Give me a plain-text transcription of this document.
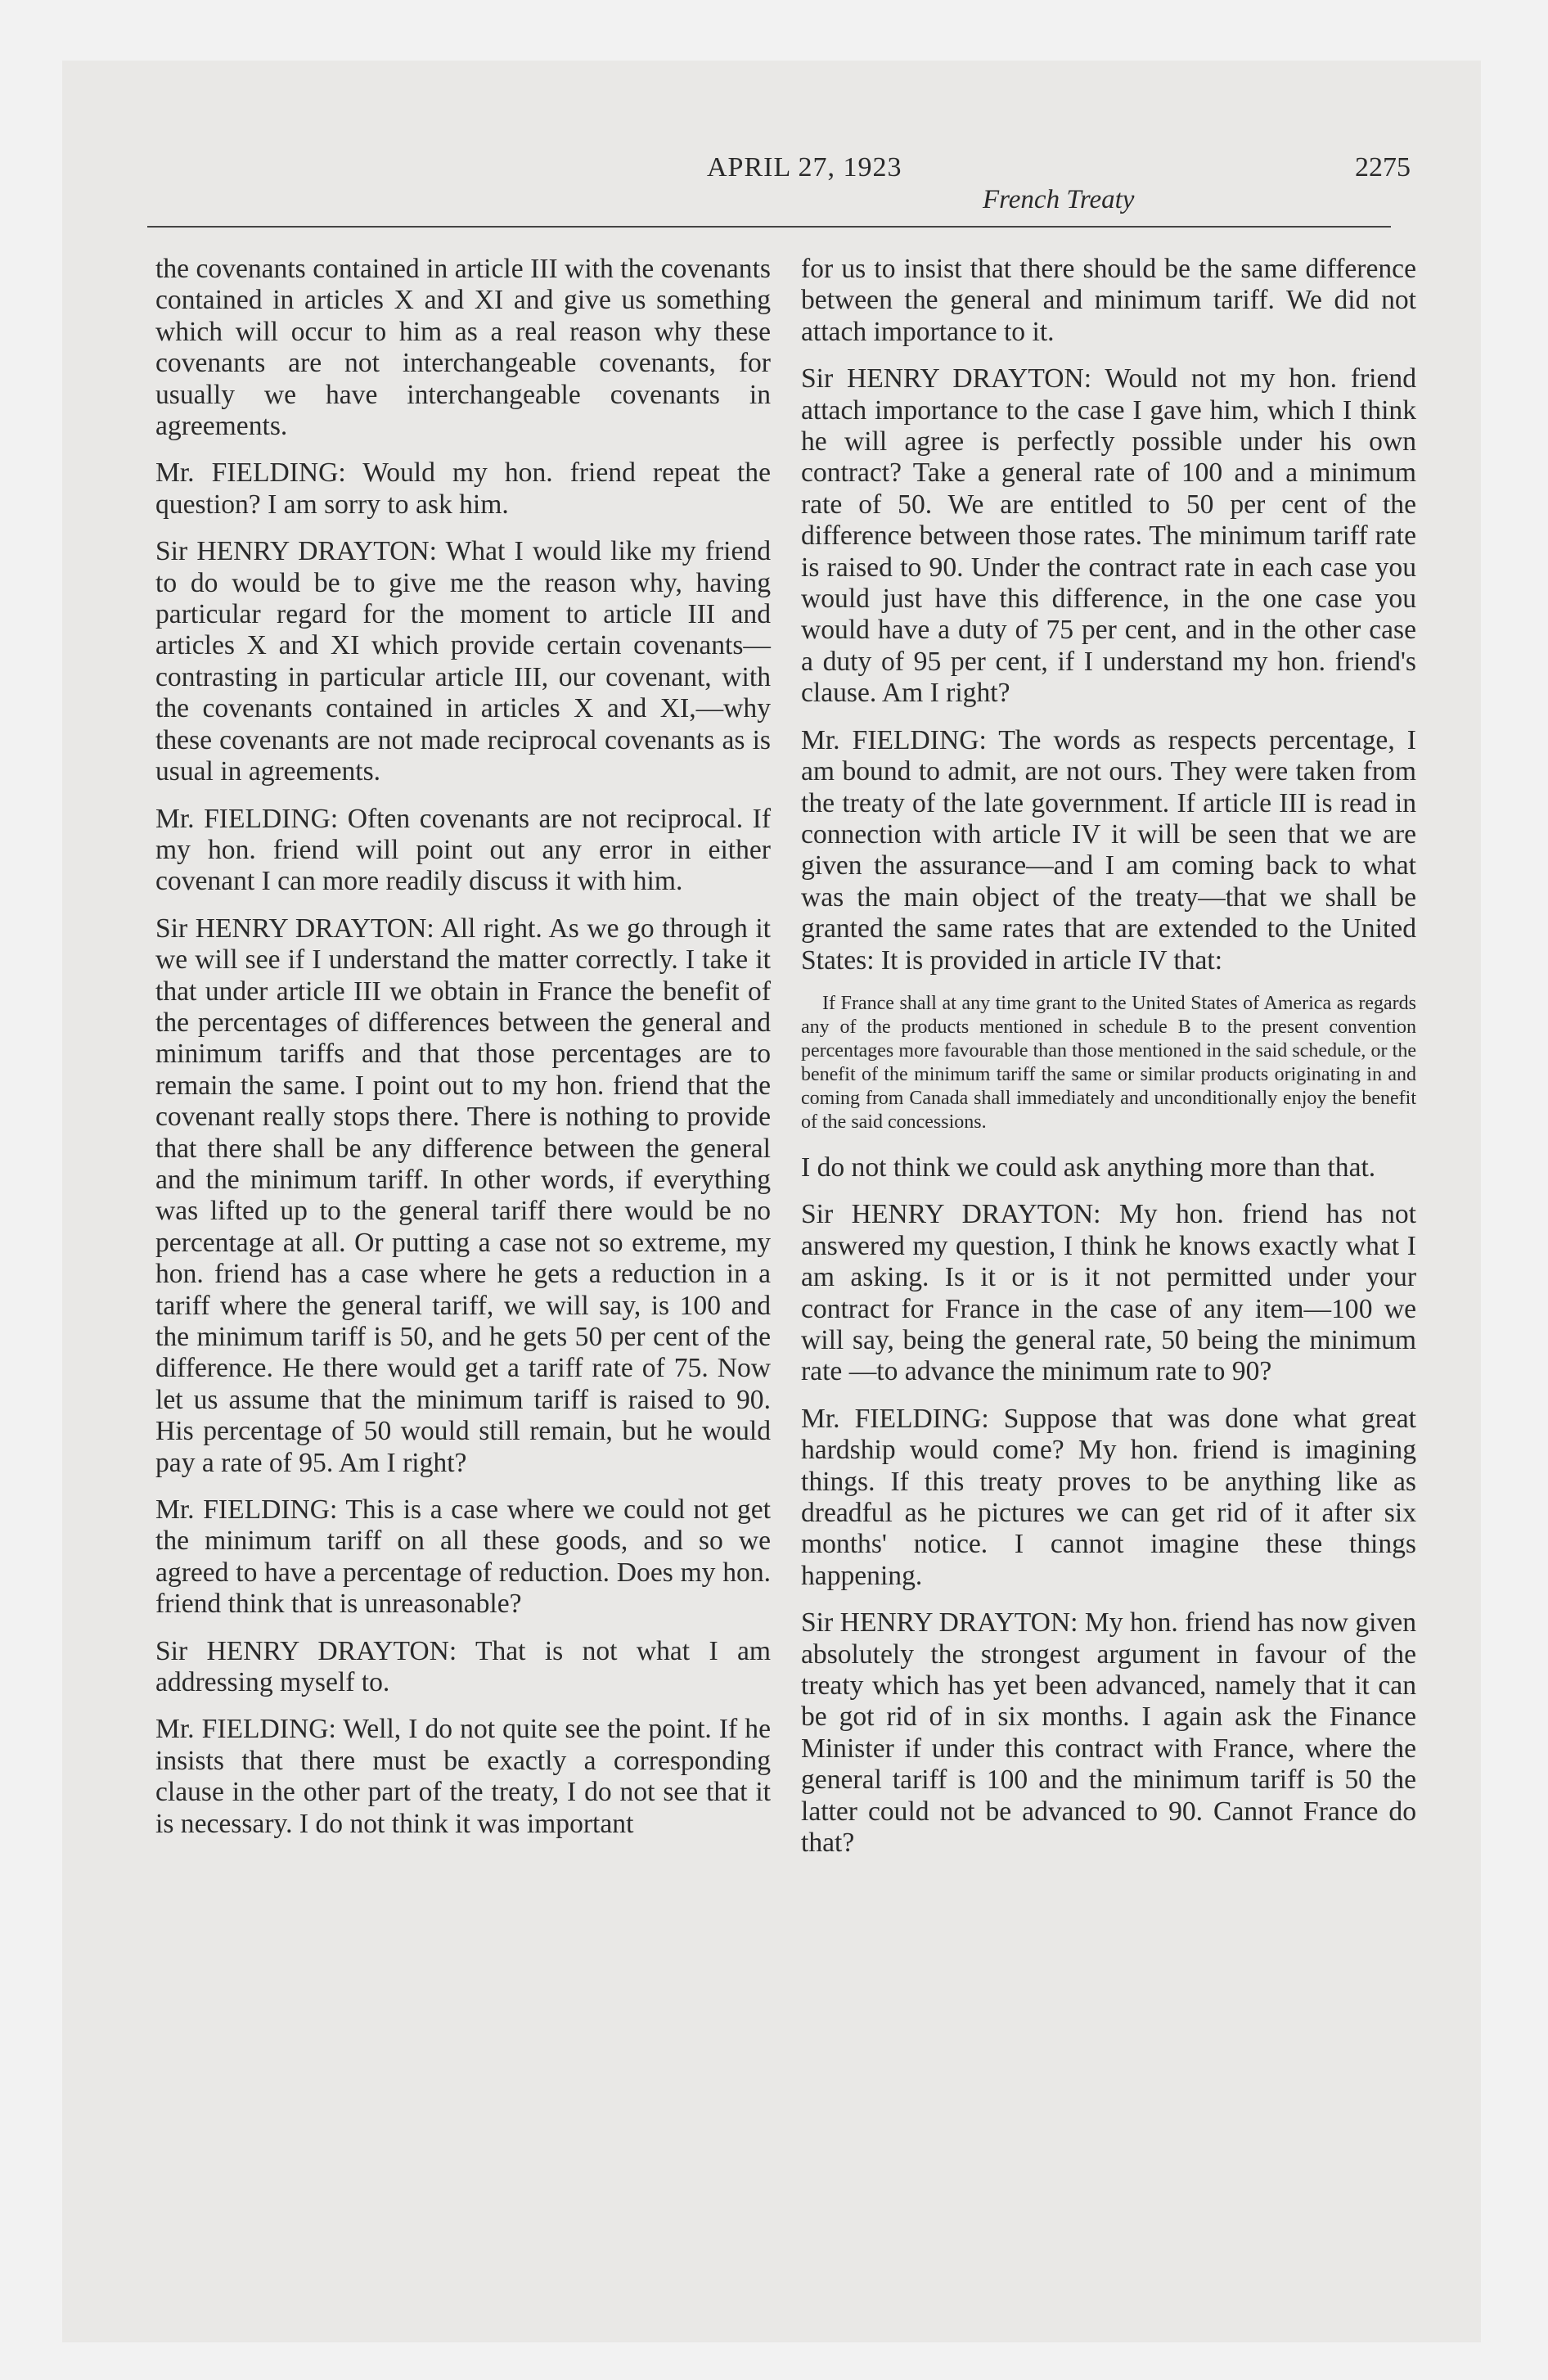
APRIL 27, 1923
French Treaty
2275

the covenants contained in article III with the covenants contained in articles X and XI and give us something which will occur to him as a real reason why these covenants are not interchangeable covenants, for usually we have interchangeable covenants in agreements.

Mr. FIELDING: Would my hon. friend repeat the question? I am sorry to ask him.

Sir HENRY DRAYTON: What I would like my friend to do would be to give me the reason why, having particular regard for the moment to article III and articles X and XI which provide certain covenants—contrasting in particular article III, our covenant, with the covenants contained in articles X and XI,—why these covenants are not made reciprocal covenants as is usual in agreements.

Mr. FIELDING: Often covenants are not reciprocal. If my hon. friend will point out any error in either covenant I can more readily discuss it with him.

Sir HENRY DRAYTON: All right. As we go through it we will see if I understand the matter correctly. I take it that under article III we obtain in France the benefit of the percentages of differences between the general and minimum tariffs and that those percentages are to remain the same. I point out to my hon. friend that the covenant really stops there. There is nothing to provide that there shall be any difference between the general and the minimum tariff. In other words, if everything was lifted up to the general tariff there would be no percentage at all. Or putting a case not so extreme, my hon. friend has a case where he gets a reduction in a tariff where the general tariff, we will say, is 100 and the minimum tariff is 50, and he gets 50 per cent of the difference. He there would get a tariff rate of 75. Now let us assume that the minimum tariff is raised to 90. His percentage of 50 would still remain, but he would pay a rate of 95. Am I right?

Mr. FIELDING: This is a case where we could not get the minimum tariff on all these goods, and so we agreed to have a percentage of reduction. Does my hon. friend think that is unreasonable?

Sir HENRY DRAYTON: That is not what I am addressing myself to.

Mr. FIELDING: Well, I do not quite see the point. If he insists that there must be exactly a corresponding clause in the other part of the treaty, I do not see that it is necessary. I do not think it was important

for us to insist that there should be the same difference between the general and minimum tariff. We did not attach importance to it.

Sir HENRY DRAYTON: Would not my hon. friend attach importance to the case I gave him, which I think he will agree is perfectly possible under his own contract? Take a general rate of 100 and a minimum rate of 50. We are entitled to 50 per cent of the difference between those rates. The minimum tariff rate is raised to 90. Under the contract rate in each case you would just have this difference, in the one case you would have a duty of 75 per cent, and in the other case a duty of 95 per cent, if I understand my hon. friend's clause. Am I right?

Mr. FIELDING: The words as respects percentage, I am bound to admit, are not ours. They were taken from the treaty of the late government. If article III is read in connection with article IV it will be seen that we are given the assurance—and I am coming back to what was the main object of the treaty—that we shall be granted the same rates that are extended to the United States: It is provided in article IV that:

If France shall at any time grant to the United States of America as regards any of the products mentioned in schedule B to the present convention percentages more favourable than those mentioned in the said schedule, or the benefit of the minimum tariff the same or similar products originating in and coming from Canada shall immediately and unconditionally enjoy the benefit of the said concessions.

I do not think we could ask anything more than that.

Sir HENRY DRAYTON: My hon. friend has not answered my question, I think he knows exactly what I am asking. Is it or is it not permitted under your contract for France in the case of any item—100 we will say, being the general rate, 50 being the minimum rate —to advance the minimum rate to 90?

Mr. FIELDING: Suppose that was done what great hardship would come? My hon. friend is imagining things. If this treaty proves to be anything like as dreadful as he pictures we can get rid of it after six months' notice. I cannot imagine these things happening.

Sir HENRY DRAYTON: My hon. friend has now given absolutely the strongest argument in favour of the treaty which has yet been advanced, namely that it can be got rid of in six months. I again ask the Finance Minister if under this contract with France, where the general tariff is 100 and the minimum tariff is 50 the latter could not be advanced to 90. Cannot France do that?
